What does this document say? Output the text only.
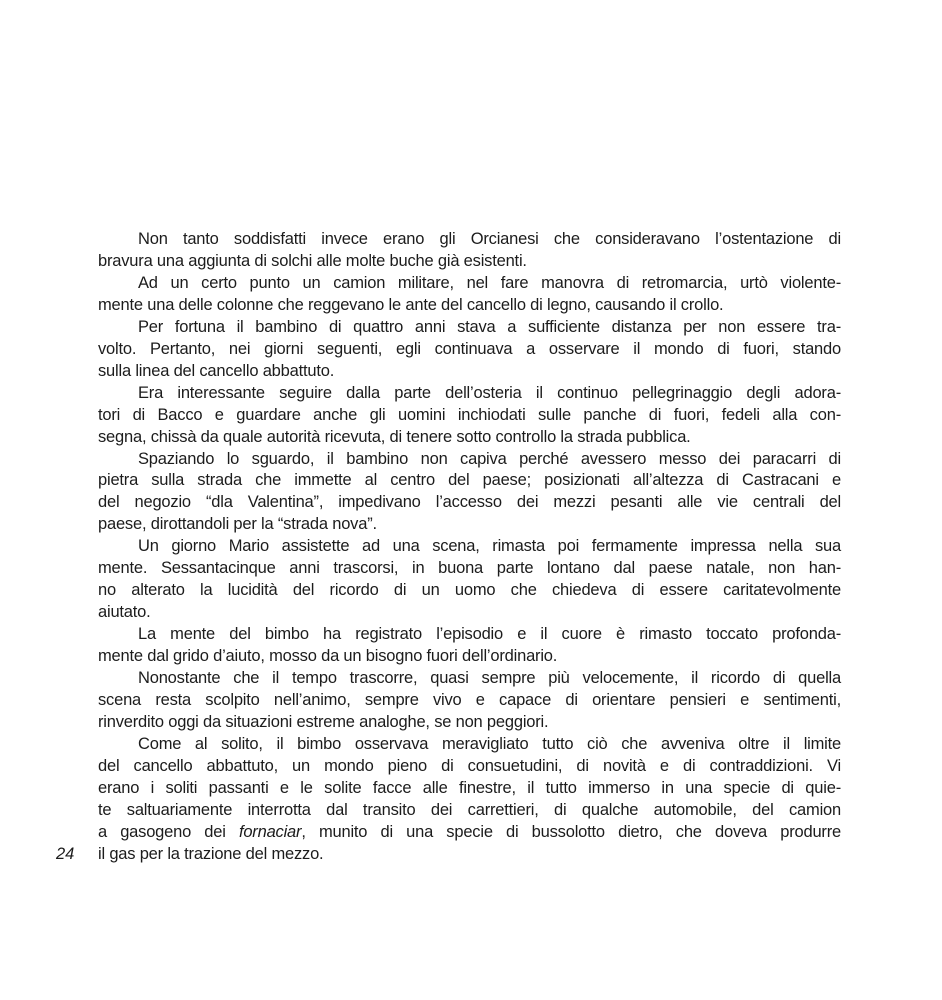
24
Non tanto soddisfatti invece erano gli Orcianesi che consideravano l’ostentazione di
bravura una aggiunta di solchi alle molte buche già esistenti.
Ad un certo punto un camion militare, nel fare manovra di retromarcia, urtò violente-
mente una delle colonne che reggevano le ante del cancello di legno, causando il crollo.
Per fortuna il bambino di quattro anni stava a sufficiente distanza per non essere tra-
volto. Pertanto, nei giorni seguenti, egli continuava a osservare il mondo di fuori, stando
sulla linea del cancello abbattuto.
Era interessante seguire dalla parte dell’osteria il continuo pellegrinaggio degli adora-
tori di Bacco e guardare anche gli uomini inchiodati sulle panche di fuori, fedeli alla con-
segna, chissà da quale autorità ricevuta, di tenere sotto controllo la strada pubblica.
Spaziando lo sguardo, il bambino non capiva perché avessero messo dei paracarri di
pietra sulla strada che immette al centro del paese; posizionati all’altezza di Castracani e
del negozio “dla Valentina”, impedivano l’accesso dei mezzi pesanti alle vie centrali del
paese, dirottandoli per la “strada nova”.
Un giorno Mario assistette ad una scena, rimasta poi fermamente impressa nella sua
mente. Sessantacinque anni trascorsi, in buona parte lontano dal paese natale, non han-
no alterato la lucidità del ricordo di un uomo che chiedeva di essere caritatevolmente
aiutato.
La mente del bimbo ha registrato l’episodio e il cuore è rimasto toccato profonda-
mente dal grido d’aiuto, mosso da un bisogno fuori dell’ordinario.
Nonostante che il tempo trascorre, quasi sempre più velocemente, il ricordo di quella
scena resta scolpito nell’animo, sempre vivo e capace di orientare pensieri e sentimenti,
rinverdito oggi da situazioni estreme analoghe, se non peggiori.
Come al solito, il bimbo osservava meravigliato tutto ciò che avveniva oltre il limite
del cancello abbattuto, un mondo pieno di consuetudini, di novità e di contraddizioni. Vi
erano i soliti passanti e le solite facce alle finestre, il tutto immerso in una specie di quie-
te saltuariamente interrotta dal transito dei carrettieri, di qualche automobile, del camion
a gasogeno dei fornaciar, munito di una specie di bussolotto dietro, che doveva produrre
il gas per la trazione del mezzo.
